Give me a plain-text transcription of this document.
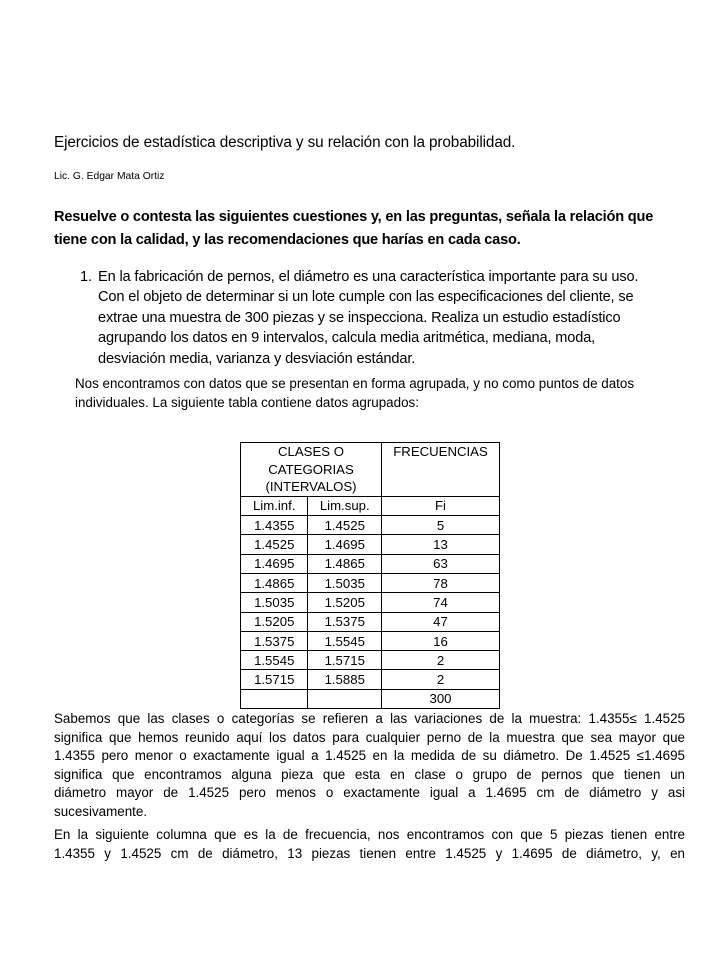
Ejercicios de estadística descriptiva y su relación con la probabilidad.
Lic. G. Edgar Mata Ortiz
Resuelve o contesta las siguientes cuestiones y, en las preguntas, señala la relación que
tiene con la calidad, y las recomendaciones que harías en cada caso.
1. En la fabricación de pernos, el diámetro es una característica importante para su uso.
Con el objeto de determinar si un lote cumple con las especificaciones del cliente, se
extrae una muestra de 300 piezas y se inspecciona. Realiza un estudio estadístico
agrupando los datos en 9 intervalos, calcula media aritmética, mediana, moda,
desviación media, varianza y desviación estándar.
Nos encontramos con datos que se presentan en forma agrupada, y no como puntos de datos
individuales. La siguiente tabla contiene datos agrupados:
CLASES O
CATEGORIAS
(INTERVALOS)		FRECUENCIAS
Lim.inf.	Lim.sup.	Fi
1.4355	1.4525	5
1.4525	1.4695	13
1.4695	1.4865	63
1.4865	1.5035	78
1.5035	1.5205	74
1.5205	1.5375	47
1.5375	1.5545	16
1.5545	1.5715	2
1.5715	1.5885	2
		300
Sabemos que las clases o categorías se refieren a las variaciones de la muestra: 1.4355≤ 1.4525
significa que hemos reunido aquí los datos para cualquier perno de la muestra que sea mayor que
1.4355 pero menor o exactamente igual a 1.4525 en la medida de su diámetro. De 1.4525 ≤1.4695
significa que encontramos alguna pieza que esta en clase o grupo de pernos que tienen un
diámetro mayor de 1.4525 pero menos o exactamente igual a 1.4695 cm de diámetro y asi
sucesivamente.
En la siguiente columna que es la de frecuencia, nos encontramos con que 5 piezas tienen entre
1.4355 y 1.4525 cm de diámetro, 13 piezas tienen entre 1.4525 y 1.4695 de diámetro, y, en
